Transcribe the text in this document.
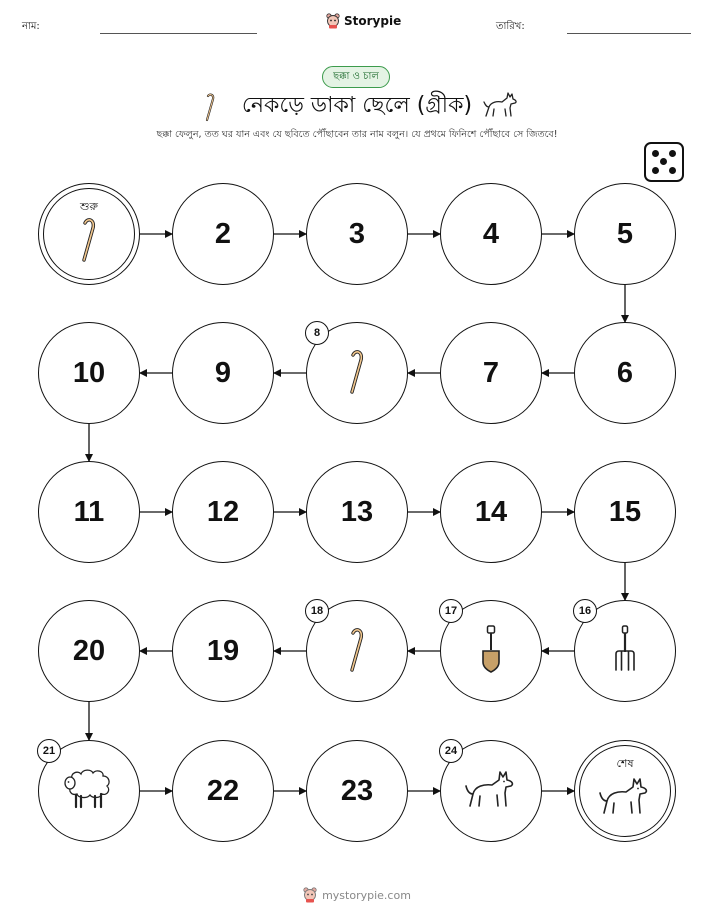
নাম:	Storypie	তারিখ:
ছক্কা ও চাল
নেকড়ে ডাকা ছেলে (গ্রীক)
ছক্কা ফেলুন, তত ঘর যান এবং যে ছবিতে পৌঁছাবেন তার নাম বলুন। যে প্রথমে ফিনিশে পৌঁছাবে সে জিতবে!
শুরু
2	3	4	5
6
7
8
9
10
11	12	13	14	15
16
17
18
19
20
21
22	23
24
শেষ
mystorypie.com
